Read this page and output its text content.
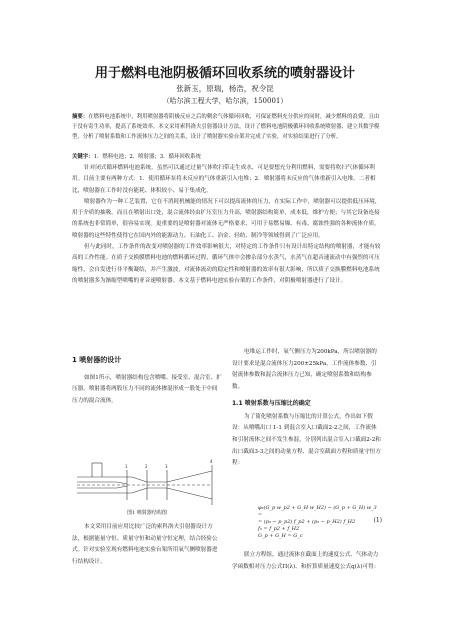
用于燃料电池阴极循环回收系统的喷射器设计
张新玉，原瑞，杨浩，祝令昆
（哈尔滨工程大学，哈尔滨，150001）
摘要：在燃料电池系统中，利用喷射器将阴极反应之后的剩余气体循环回收，可保证燃料充分供应的同时，减少燃料的浪费，且由于没有寄生功率，提高了系统效率。本文采用索科洛夫引射器设计方法，设计了燃料电池阴极循环回收系统喷射器、建立其数学模型，分析了喷射系数和工作流体压力之间的关系，设计了喷射器实验台架并完成了实验，对实验结果进行了分析。
关键字：1．燃料电池；2．喷射器；3．循环回收系统

针对闭式循环燃料电池系统，虽然可以通过过量气体吹扫带走生成水，可是要想充分利用燃料，需要将吹扫气体循环利用。目前主要有两种方式：1．使用循环泵将未反应的气体重新引入电堆；2．喷射器将未反应的气体重新引入电堆。二者相比，喷射器在工作时没有能耗、体积较小、易于集成化。

喷射器作为一种工艺装置，它在不消耗机械能的情况下可以提高流体的压力，在实际工作中，喷射器可以提供低压环境，用于介质的抽吸，而且在喷射出口处，混合流体经由扩压室压力升高，喷射器结构简单，成本低，维护方便；与其它设备连接的系统也非常简单，很容易实现。更重要的是喷射器对流体无严格要求，可用于易燃易爆、有毒、腐蚀性强的各种流体介质。喷射器的这些特性使得它在国内外的能源动力、石油化工、冶金、轻纺、制冷等领域得到了广泛应用。

但与此同时，工作条件的改变对喷射器的工作效率影响很大，对特定的工作条件只有设计出特定结构的喷射器，才能有较高的工作性能。在质子交换膜燃料电池的燃料循环过程，循环气体中会掺杂部分水蒸气，水蒸气在超音速流动中有强烈的可压缩性，会自发进行非平衡凝结，并产生激波，对流体流动的稳定性和喷射器的效率有很大影响，所以质子交换膜燃料电池系统的喷射器多为渐缩型喷嘴的亚音速喷射器。本文基于燃料电池实验台架的工作条件，对阴极喷射器进行了设计。

1 喷射器的设计

如图1所示，喷射器结构包含喷嘴、接受室、混合室、扩压器。喷射器将两股压力不同的流体掺混形成一股处于中间压力的混合流体。

1	2	3
4
图1 喷射器结构图

本文采用目前应用比较广泛的索科洛夫引射器设计方法，根据能量守恒、质量守恒和动量守恒定理，结合经验公式。针对实验室现有燃料电池实验台架所用氧气侧喷射器进行结构设计。

电堆运工作时，氧气侧压力为200kPa，所以喷射器的设计要求是混合流体压力200±25kPa，工作流体参数、引射流体参数和混合流体压力已知，确定喷射系数和结构参数。

1.1 喷射系数与压缩比的确定

为了简化喷射系数与压缩比的计算公式，作出如下假设：从喷嘴出口 1-1 到混合室入口截面2-2之间，工作流体和引射流体之间不发生参混，分别列出混合室入口截面2-2和出口截面3-3之间的动量方程、混合室截面方程和质量守恒方程：

φ₂(G_p w_p2 + G_H w_H2) − (G_p + G_H) w_3 =
= (p₃ − p_p2) f_p2 + (p₃ − p_H2) f_H2
f₃ = f_p2 + f_H2
G_p + G_H = G_c
(1)

联立方程组，通过流体在截面上的速度公式、气体动力学函数相对压力公式Π(λ)、和折算质量速度公式q(λ)可得：
